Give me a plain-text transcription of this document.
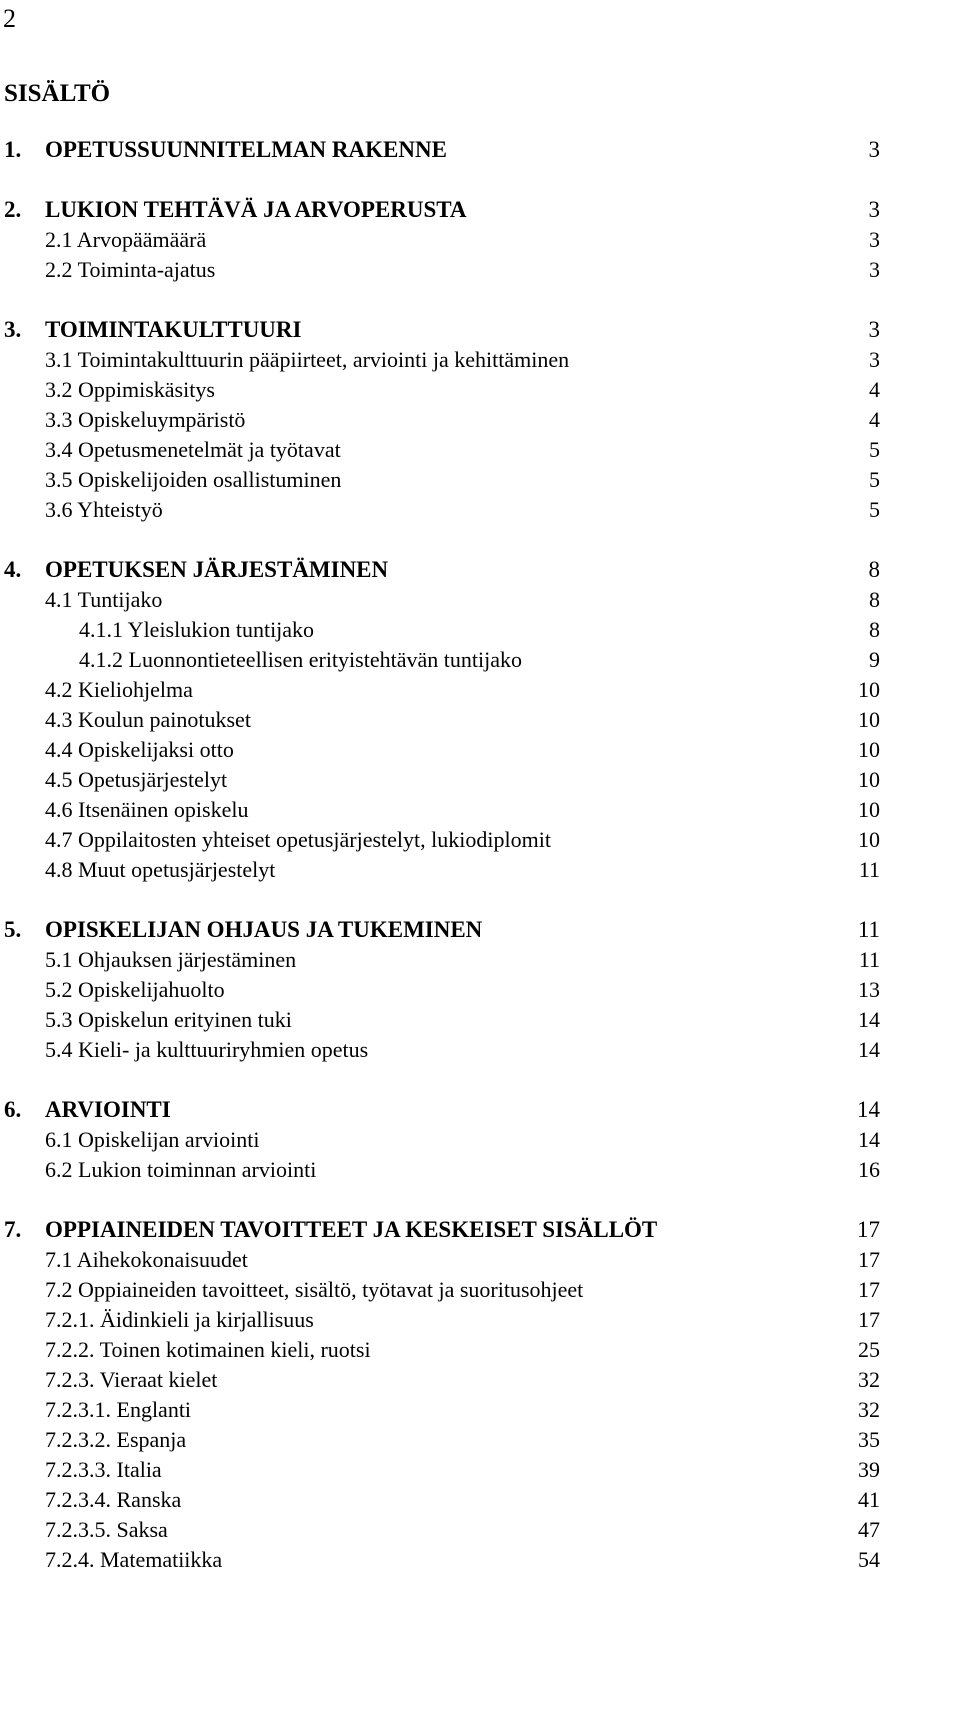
2
SISÄLTÖ
1. OPETUSSUUNNITELMAN RAKENNE	3
2. LUKION TEHTÄVÄ JA ARVOPERUSTA	3
2.1 Arvopäämäärä	3
2.2 Toiminta-ajatus	3
3. TOIMINTAKULTTUURI	3
3.1 Toimintakulttuurin pääpiirteet, arviointi ja kehittäminen	3
3.2 Oppimiskäsitys	4
3.3 Opiskeluympäristö	4
3.4 Opetusmenetelmät ja työtavat	5
3.5 Opiskelijoiden osallistuminen	5
3.6 Yhteistyö	5
4. OPETUKSEN JÄRJESTÄMINEN	8
4.1 Tuntijako	8
4.1.1 Yleislukion tuntijako	8
4.1.2 Luonnontieteellisen erityistehtävän tuntijako	9
4.2 Kieliohjelma	10
4.3 Koulun painotukset	10
4.4 Opiskelijaksi otto	10
4.5 Opetusjärjestelyt	10
4.6 Itsenäinen opiskelu	10
4.7 Oppilaitosten yhteiset opetusjärjestelyt, lukiodiplomit	10
4.8 Muut opetusjärjestelyt	11
5. OPISKELIJAN OHJAUS JA TUKEMINEN	11
5.1 Ohjauksen järjestäminen	11
5.2 Opiskelijahuolto	13
5.3 Opiskelun erityinen tuki	14
5.4 Kieli- ja kulttuuriryhmien opetus	14
6. ARVIOINTI	14
6.1 Opiskelijan arviointi	14
6.2 Lukion toiminnan arviointi	16
7. OPPIAINEIDEN TAVOITTEET JA KESKEISET SISÄLLÖT	17
7.1 Aihekokonaisuudet	17
7.2 Oppiaineiden tavoitteet, sisältö, työtavat ja suoritusohjeet	17
7.2.1. Äidinkieli ja kirjallisuus	17
7.2.2. Toinen kotimainen kieli, ruotsi	25
7.2.3. Vieraat kielet	32
7.2.3.1. Englanti	32
7.2.3.2. Espanja	35
7.2.3.3. Italia	39
7.2.3.4. Ranska	41
7.2.3.5. Saksa	47
7.2.4. Matematiikka	54
